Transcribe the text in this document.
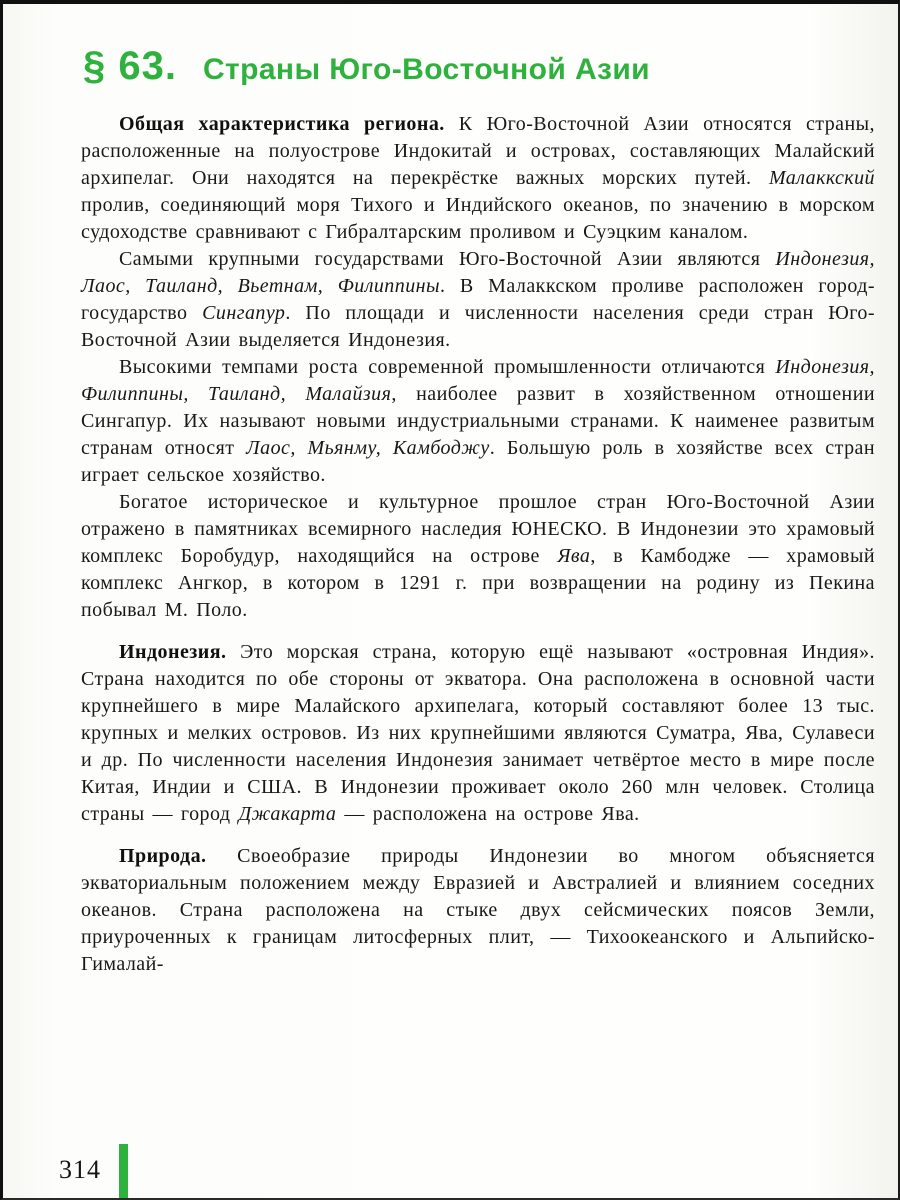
§ 63. Страны Юго-Восточной Азии

Общая характеристика региона. К Юго-Восточной Азии относятся страны, расположенные на полуострове Индокитай и островах, составляющих Малайский архипелаг. Они находятся на перекрёстке важных морских путей. Малаккский пролив, соединяющий моря Тихого и Индийского океанов, по значению в морском судоходстве сравнивают с Гибралтарским проливом и Суэцким каналом.

Самыми крупными государствами Юго-Восточной Азии являются Индонезия, Лаос, Таиланд, Вьетнам, Филиппины. В Малаккском проливе расположен город-государство Сингапур. По площади и численности населения среди стран Юго-Восточной Азии выделяется Индонезия.

Высокими темпами роста современной промышленности отличаются Индонезия, Филиппины, Таиланд, Малайзия, наиболее развит в хозяйственном отношении Сингапур. Их называют новыми индустриальными странами. К наименее развитым странам относят Лаос, Мьянму, Камбоджу. Большую роль в хозяйстве всех стран играет сельское хозяйство.

Богатое историческое и культурное прошлое стран Юго-Восточной Азии отражено в памятниках всемирного наследия ЮНЕСКО. В Индонезии это храмовый комплекс Боробудур, находящийся на острове Ява, в Камбодже — храмовый комплекс Ангкор, в котором в 1291 г. при возвращении на родину из Пекина побывал М. Поло.

Индонезия. Это морская страна, которую ещё называют «островная Индия». Страна находится по обе стороны от экватора. Она расположена в основной части крупнейшего в мире Малайского архипелага, который составляют более 13 тыс. крупных и мелких островов. Из них крупнейшими являются Суматра, Ява, Сулавеси и др. По численности населения Индонезия занимает четвёртое место в мире после Китая, Индии и США. В Индонезии проживает около 260 млн человек. Столица страны — город Джакарта — расположена на острове Ява.

Природа. Своеобразие природы Индонезии во многом объясняется экваториальным положением между Евразией и Австралией и влиянием соседних океанов. Страна расположена на стыке двух сейсмических поясов Земли, приуроченных к границам литосферных плит, — Тихоокеанского и Альпийско-Гималай-

314
